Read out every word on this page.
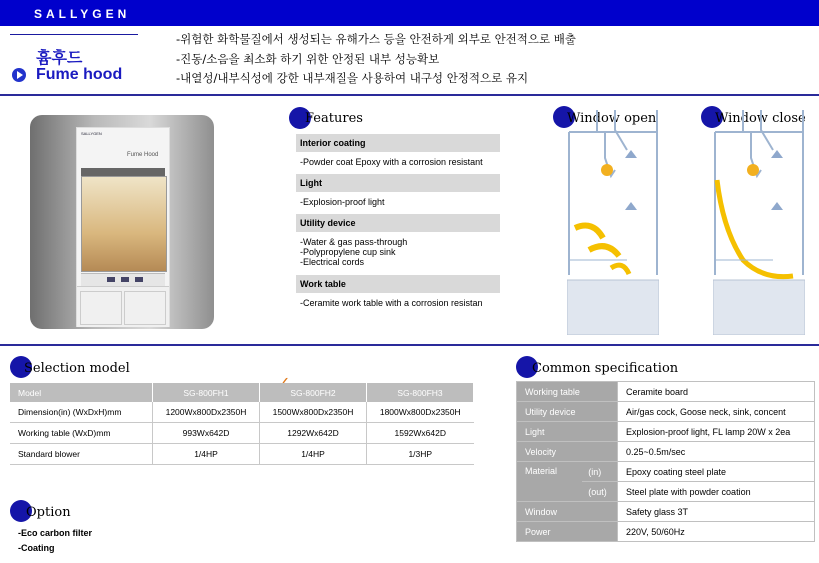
SALLYGEN
흄후드
Fume hood
-위험한 화학물질에서 생성되는 유해가스 등을 안전하게 외부로 안전적으로 배출
-진동/소음을 최소화 하기 위한 안정된 내부 성능확보
-내열성/내부식성에 강한 내부재질을 사용하여 내구성 안정적으로 유지
SALLYGEN
Fume Hood
Features
Interior coating
-Powder coat Epoxy with a corrosion resistant
Light
-Explosion-proof light
Utility device
-Water & gas pass-through
-Polypropylene cup sink
-Electrical cords
Work table
-Ceramite work table with a corrosion resistan
Window open	Window close
Selection model
Model	SG-800FH1	SG-800FH2	SG-800FH3
Dimension(in) (WxDxH)mm	1200Wx800Dx2350H	1500Wx800Dx2350H	1800Wx800Dx2350H
Working table (WxD)mm	993Wx642D	1292Wx642D	1592Wx642D
Standard blower	1/4HP	1/4HP	1/3HP
Common specification
Working table		Ceramite board
Utility device		Air/gas cock, Goose neck, sink, concent
Light		Explosion-proof light, FL lamp 20W x 2ea
Velocity		0.25~0.5m/sec
Material	(in)	Epoxy coating steel plate
	(out)	Steel plate with powder coation
Window		Safety glass 3T
Power		220V, 50/60Hz
Option
-Eco carbon filter
-Coating
